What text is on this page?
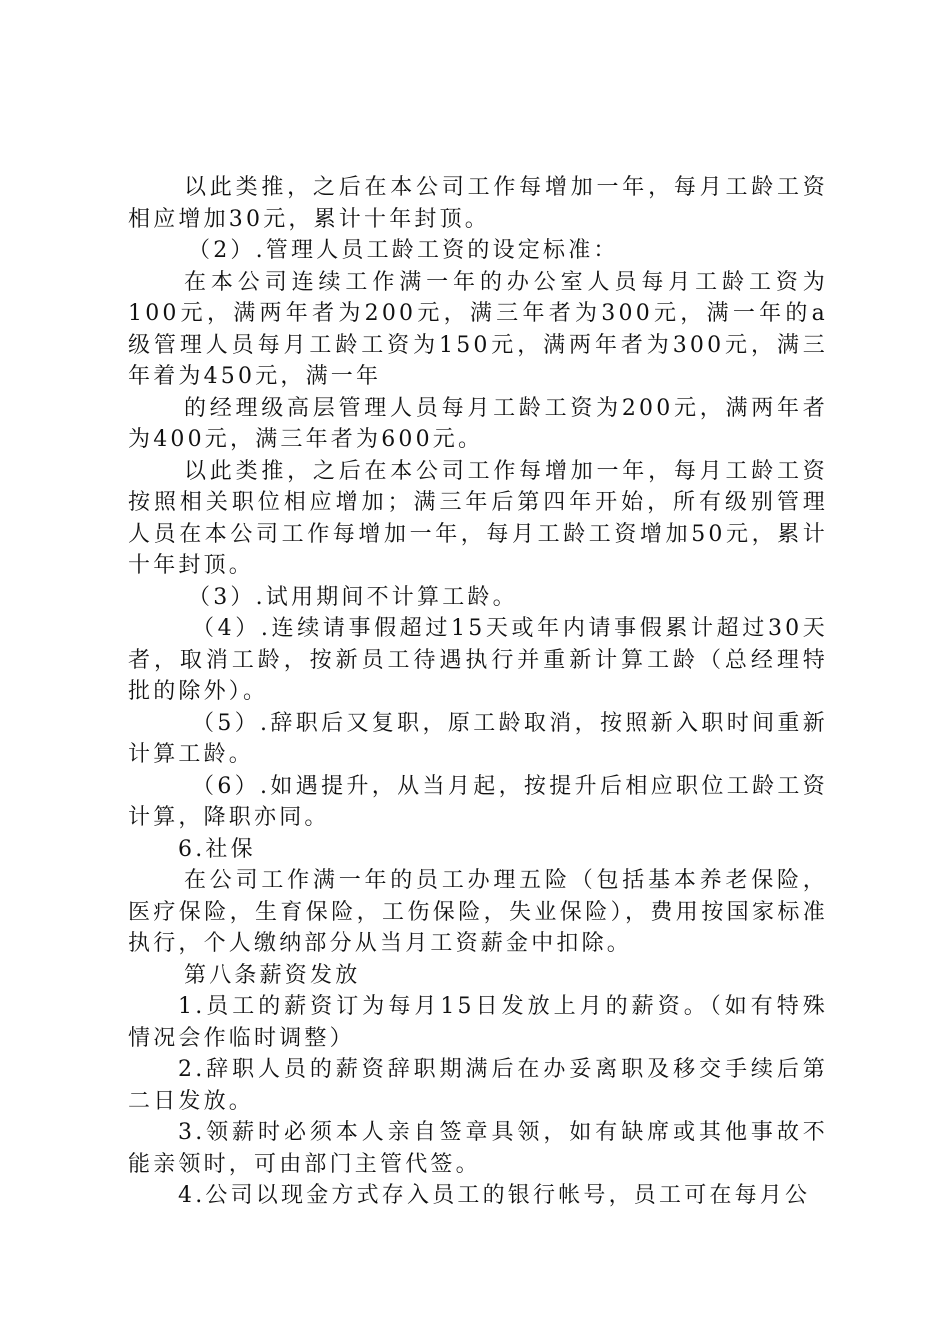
以此类推，之后在本公司工作每增加一年，每月工龄工资相应增加30元，累计十年封顶。

（2）.管理人员工龄工资的设定标准：

在本公司连续工作满一年的办公室人员每月工龄工资为100元，满两年者为200元，满三年者为300元，满一年的a级管理人员每月工龄工资为150元，满两年者为300元，满三年着为450元，满一年

的经理级高层管理人员每月工龄工资为200元，满两年者为400元，满三年者为600元。

以此类推，之后在本公司工作每增加一年，每月工龄工资按照相关职位相应增加；满三年后第四年开始，所有级别管理人员在本公司工作每增加一年，每月工龄工资增加50元，累计十年封顶。

（3）.试用期间不计算工龄。

（4）.连续请事假超过15天或年内请事假累计超过30天者，取消工龄，按新员工待遇执行并重新计算工龄（总经理特批的除外）。

（5）.辞职后又复职，原工龄取消，按照新入职时间重新计算工龄。

（6）.如遇提升，从当月起，按提升后相应职位工龄工资计算，降职亦同。

6.社保

在公司工作满一年的员工办理五险（包括基本养老保险，医疗保险，生育保险，工伤保险，失业保险），费用按国家标准执行，个人缴纳部分从当月工资薪金中扣除。

第八条薪资发放

1.员工的薪资订为每月15日发放上月的薪资。（如有特殊情况会作临时调整）

2.辞职人员的薪资辞职期满后在办妥离职及移交手续后第二日发放。

3.领薪时必须本人亲自签章具领，如有缺席或其他事故不能亲领时，可由部门主管代签。

4.公司以现金方式存入员工的银行帐号，员工可在每月公
